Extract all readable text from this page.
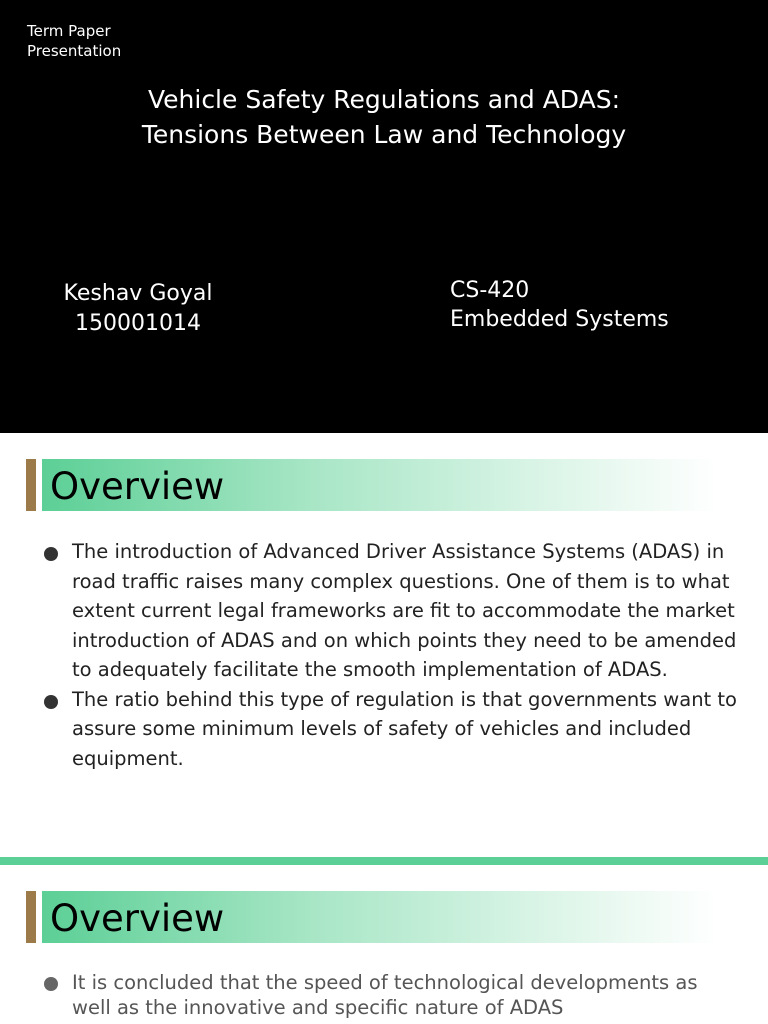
Term Paper
Presentation
Vehicle Safety Regulations and ADAS:
Tensions Between Law and Technology
Keshav Goyal
150001014
CS-420
Embedded Systems
Overview
The introduction of Advanced Driver Assistance Systems (ADAS) in road traffic raises many complex questions. One of them is to what extent current legal frameworks are fit to accommodate the market introduction of ADAS and on which points they need to be amended to adequately facilitate the smooth implementation of ADAS.
The ratio behind this type of regulation is that governments want to assure some minimum levels of safety of vehicles and included equipment.
Overview
It is concluded that the speed of technological developments as well as the innovative and specific nature of ADAS
